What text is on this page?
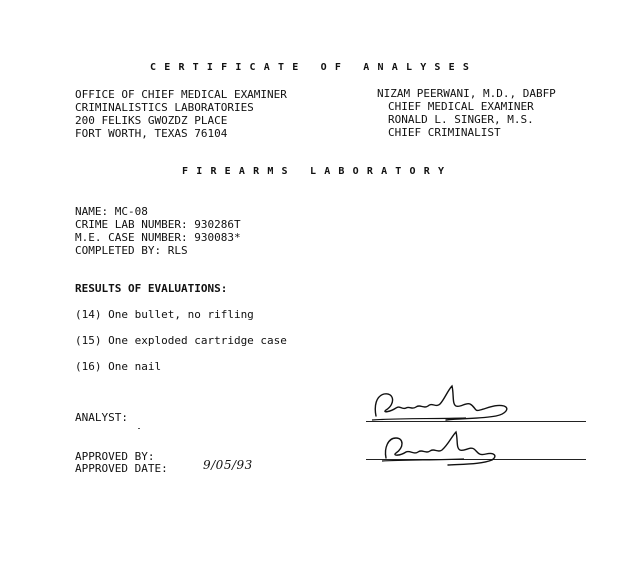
CERTIFICATE OF ANALYSES
OFFICE OF CHIEF MEDICAL EXAMINER
CRIMINALISTICS LABORATORIES
200 FELIKS GWOZDZ PLACE
FORT WORTH, TEXAS 76104
NIZAM PEERWANI, M.D., DABFP
CHIEF MEDICAL EXAMINER
RONALD L. SINGER, M.S.
CHIEF CRIMINALIST
FIREARMS LABORATORY
NAME: MC-08
CRIME LAB NUMBER: 930286T
M.E. CASE NUMBER: 930083*
COMPLETED BY: RLS
RESULTS OF EVALUATIONS:
(14) One bullet, no rifling
(15) One exploded cartridge case
(16) One nail
ANALYST:
APPROVED BY:
APPROVED DATE:	9/05/93
